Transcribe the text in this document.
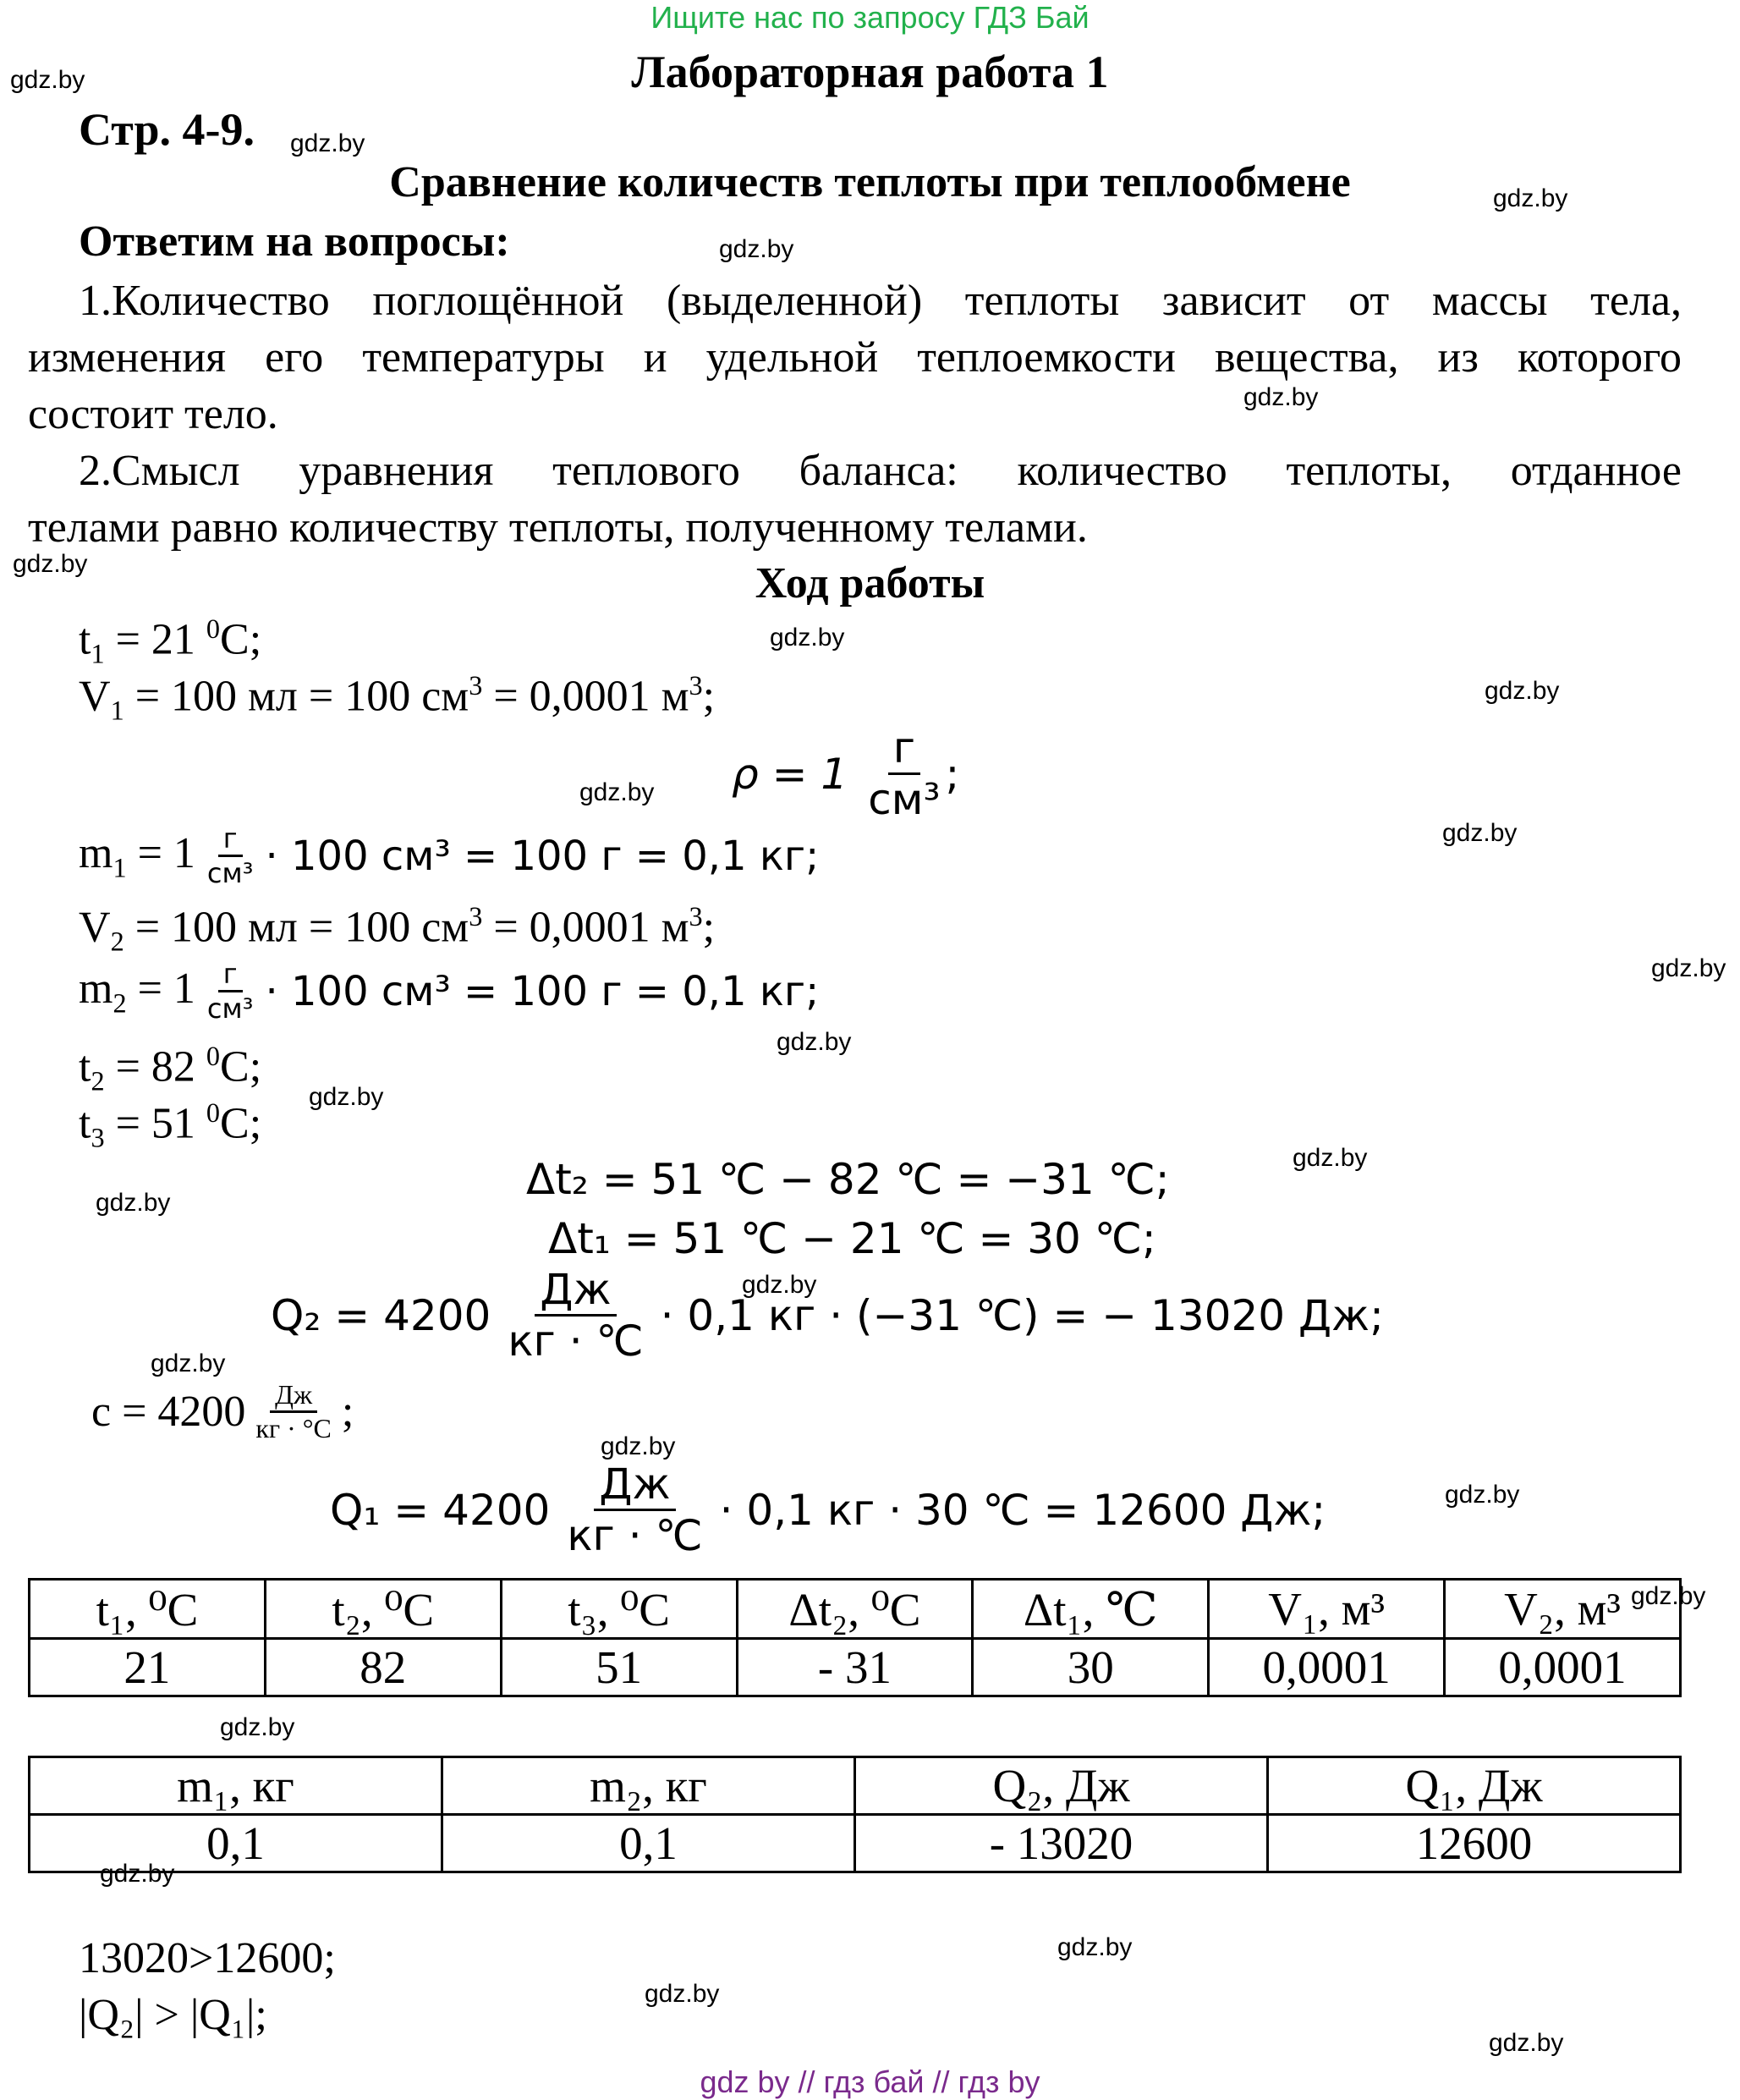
Ищите нас по запросу ГДЗ Бай
gdz.by
gdz.by
gdz.by
gdz.by
gdz.by
gdz.by
gdz.by
gdz.by
gdz.by
gdz.by
gdz.by
gdz.by
gdz.by
gdz.by
gdz.by
gdz.by
gdz.by
gdz.by
gdz.by
gdz.by
gdz.by
gdz.by
gdz.by
gdz.by
gdz.by
Лабораторная работа 1
Стр. 4-9.
Сравнение количеств теплоты при теплообмене
Ответим на вопросы:
1.Количество поглощённой (выделенной) теплоты зависит от массы тела,
изменения его температуры и удельной теплоемкости вещества, из которого
состоит тело.
2.Смысл уравнения теплового баланса: количество теплоты, отданное
телами равно количеству теплоты, полученному телами.
Ход работы
$t_1 = 21$ $^0$C;
$V_1 = 100$ мл = 100 $см^3 = 0,0001$ $м^3$;
$\rho = 1 \frac{г}{\text{см³}}$ ;
$m_1 = 1 \frac{г}{\text{см³}} \cdot 100$ см³ = 100 г = 0,1 кг;
$V_2 = 100$ мл = 100 $см^3 = 0,0001$ $м^3$;
$m_2 = 1 \frac{г}{\text{см³}} \cdot 100$ см³ = 100 г = 0,1 кг;
$t_2 = 82$ $^0$C;
$t_3 = 51$ $^0$C;
Δt₂ = 51 ℃ − 82 ℃ = −31 ℃;
Δt₁ = 51 ℃ − 21 ℃ = 30 ℃;
$Q_2 = 4200 \frac{Дж}{кг \cdot ℃} \cdot 0,1$ кг · (−31 ℃) = − 13020 Дж;
$c = 4200 \frac{Дж}{кг \cdot ^\circ С}$ ;
$Q_1 = 4200 \frac{Дж}{кг \cdot ℃} \cdot 0,1$ кг · 30 ℃ = 12600 Дж;
t₁, ⁰С	t₂, ⁰С	t₃, ⁰С	Δt₂, ⁰С	Δt₁, ℃	V₁, м³	V₂, м³
21	82	51	- 31	30	0,0001	0,0001
m₁, кг	m₂, кг	Q₂, Дж	Q₁, Дж
0,1	0,1	- 13020	12600
13020>12600;
|Q₂| > |Q₁|;
gdz by // гдз бай // гдз by
